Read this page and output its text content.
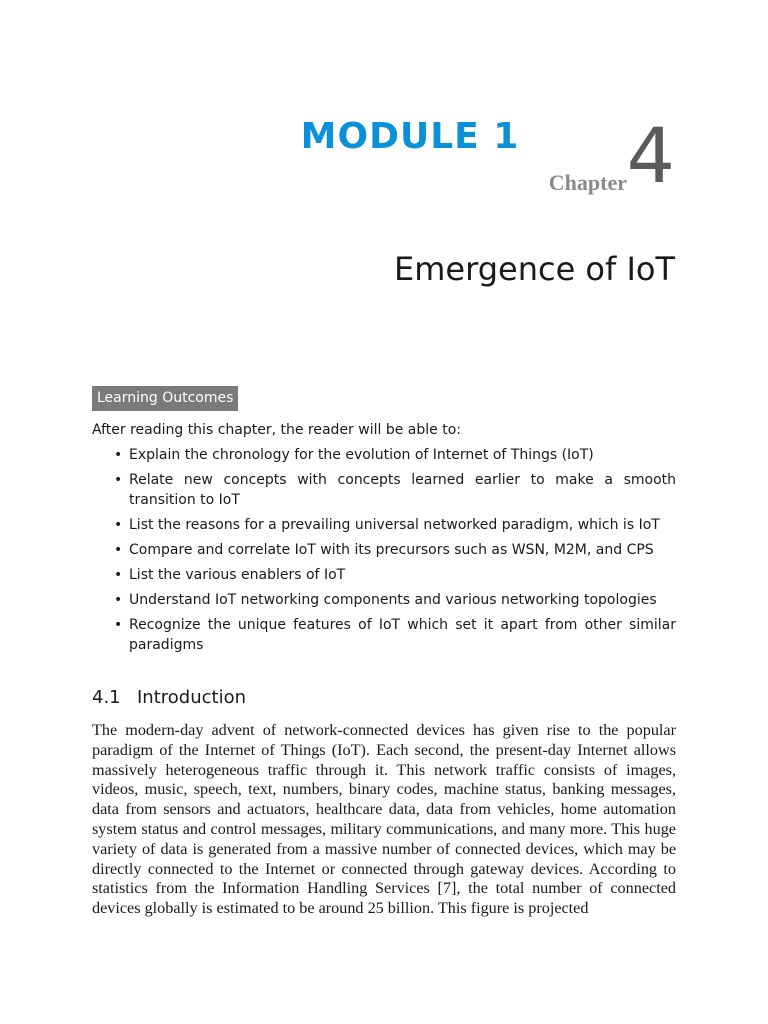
MODULE 1
Chapter 4
Emergence of IoT
Learning Outcomes
After reading this chapter, the reader will be able to:
• Explain the chronology for the evolution of Internet of Things (IoT)
• Relate new concepts with concepts learned earlier to make a smooth transition to IoT
• List the reasons for a prevailing universal networked paradigm, which is IoT
• Compare and correlate IoT with its precursors such as WSN, M2M, and CPS
• List the various enablers of IoT
• Understand IoT networking components and various networking topologies
• Recognize the unique features of IoT which set it apart from other similar paradigms
4.1 Introduction

The modern-day advent of network-connected devices has given rise to the popular paradigm of the Internet of Things (IoT). Each second, the present-day Internet allows massively heterogeneous traffic through it. This network traffic consists of images, videos, music, speech, text, numbers, binary codes, machine status, banking messages, data from sensors and actuators, healthcare data, data from vehicles, home automation system status and control messages, military communications, and many more. This huge variety of data is generated from a massive number of connected devices, which may be directly connected to the Internet or connected through gateway devices. According to statistics from the Information Handling Services [7], the total number of connected devices globally is estimated to be around 25 billion. This figure is projected
